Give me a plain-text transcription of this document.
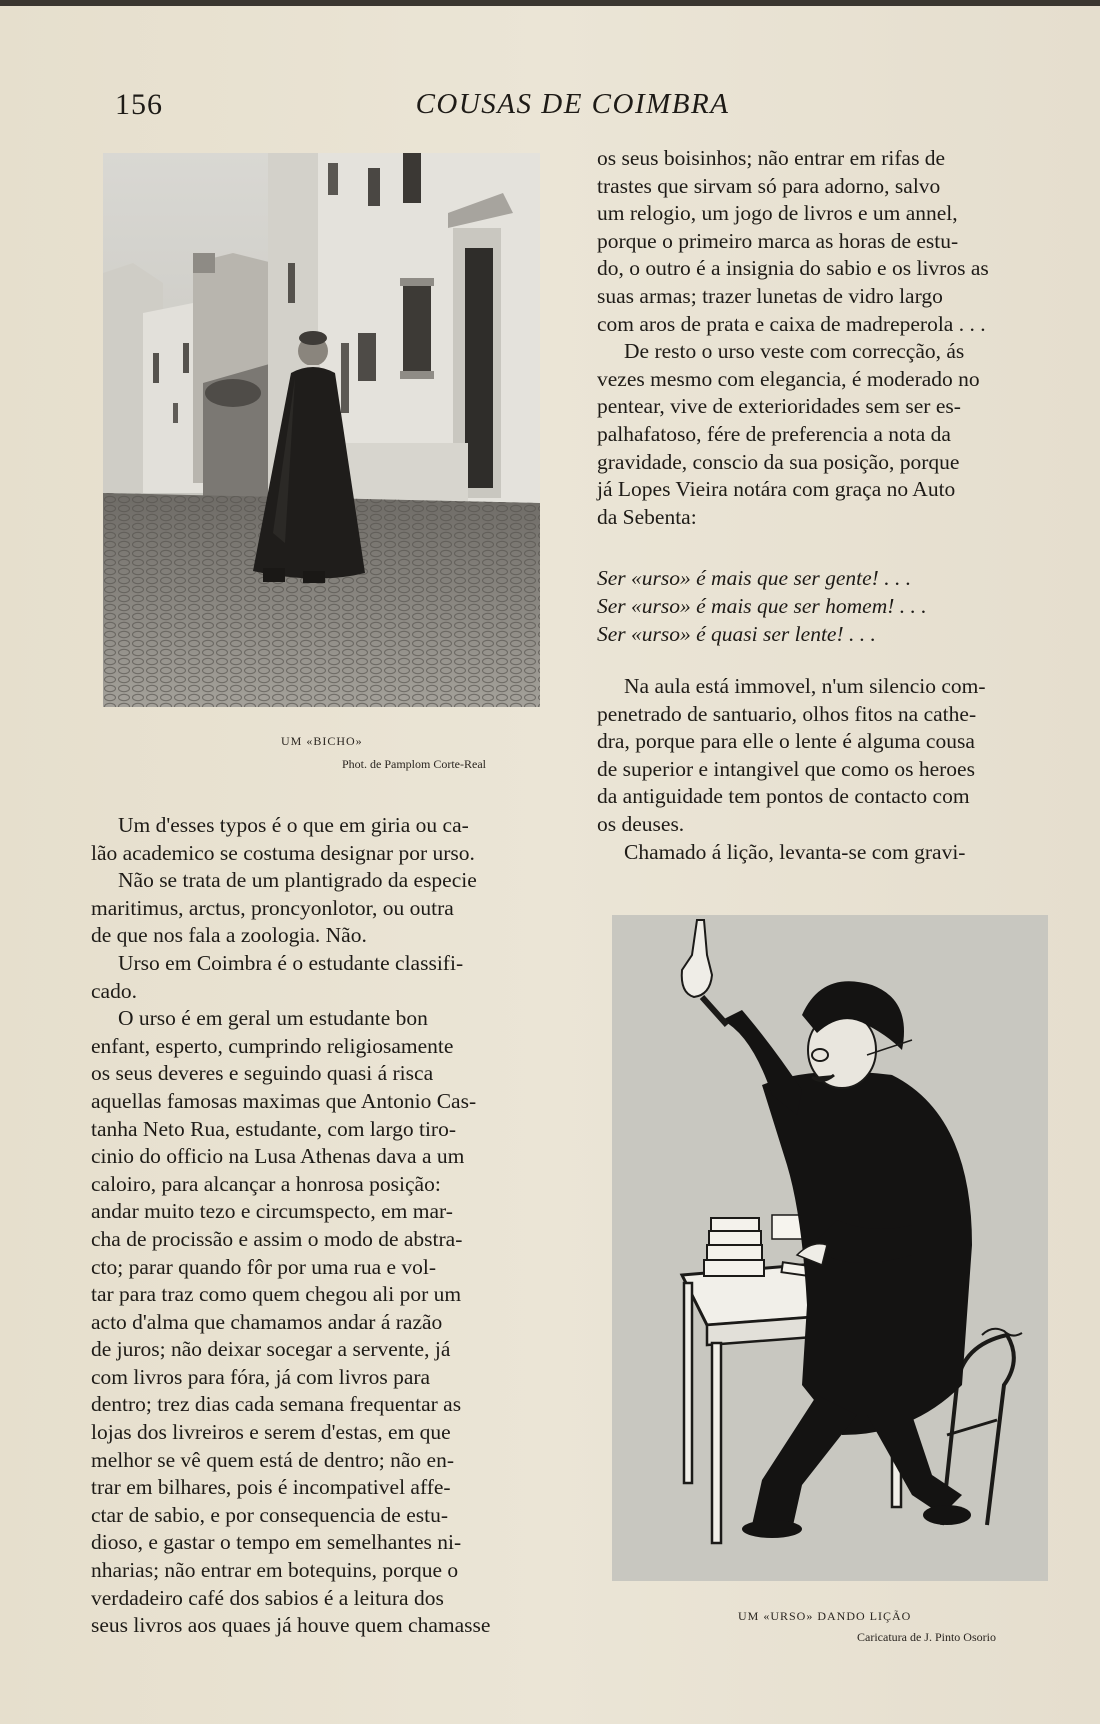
156	COUSAS DE COIMBRA
UM «BICHO»
Phot. de Pamplom Corte-Real
Um d'esses typos é o que em giria ou ca-
lão academico se costuma designar por urso.
Não se trata de um plantigrado da especie
maritimus, arctus, proncyonlotor, ou outra
de que nos fala a zoologia. Não.
Urso em Coimbra é o estudante classifi-
cado.
O urso é em geral um estudante bon
enfant, esperto, cumprindo religiosamente
os seus deveres e seguindo quasi á risca
aquellas famosas maximas que Antonio Cas-
tanha Neto Rua, estudante, com largo tiro-
cinio do officio na Lusa Athenas dava a um
caloiro, para alcançar a honrosa posição:
andar muito tezo e circumspecto, em mar-
cha de procissão e assim o modo de abstra-
cto; parar quando fôr por uma rua e vol-
tar para traz como quem chegou ali por um
acto d'alma que chamamos andar á razão
de juros; não deixar socegar a servente, já
com livros para fóra, já com livros para
dentro; trez dias cada semana frequentar as
lojas dos livreiros e serem d'estas, em que
melhor se vê quem está de dentro; não en-
trar em bilhares, pois é incompativel affe-
ctar de sabio, e por consequencia de estu-
dioso, e gastar o tempo em semelhantes ni-
nharias; não entrar em botequins, porque o
verdadeiro café dos sabios é a leitura dos
seus livros aos quaes já houve quem chamasse
os seus boisinhos; não entrar em rifas de
trastes que sirvam só para adorno, salvo
um relogio, um jogo de livros e um annel,
porque o primeiro marca as horas de estu-
do, o outro é a insignia do sabio e os livros as
suas armas; trazer lunetas de vidro largo
com aros de prata e caixa de madreperola . . .
De resto o urso veste com correcção, ás
vezes mesmo com elegancia, é moderado no
pentear, vive de exterioridades sem ser es-
palhafatoso, fére de preferencia a nota da
gravidade, conscio da sua posição, porque
já Lopes Vieira notára com graça no Auto
da Sebenta:
Ser «urso» é mais que ser gente! . . .
Ser «urso» é mais que ser homem! . . .
Ser «urso» é quasi ser lente! . . .
Na aula está immovel, n'um silencio com-
penetrado de santuario, olhos fitos na cathe-
dra, porque para elle o lente é alguma cousa
de superior e intangivel que como os heroes
da antiguidade tem pontos de contacto com
os deuses.
Chamado á lição, levanta-se com gravi-
UM «URSO» DANDO LIÇÃO
Caricatura de J. Pinto Osorio
